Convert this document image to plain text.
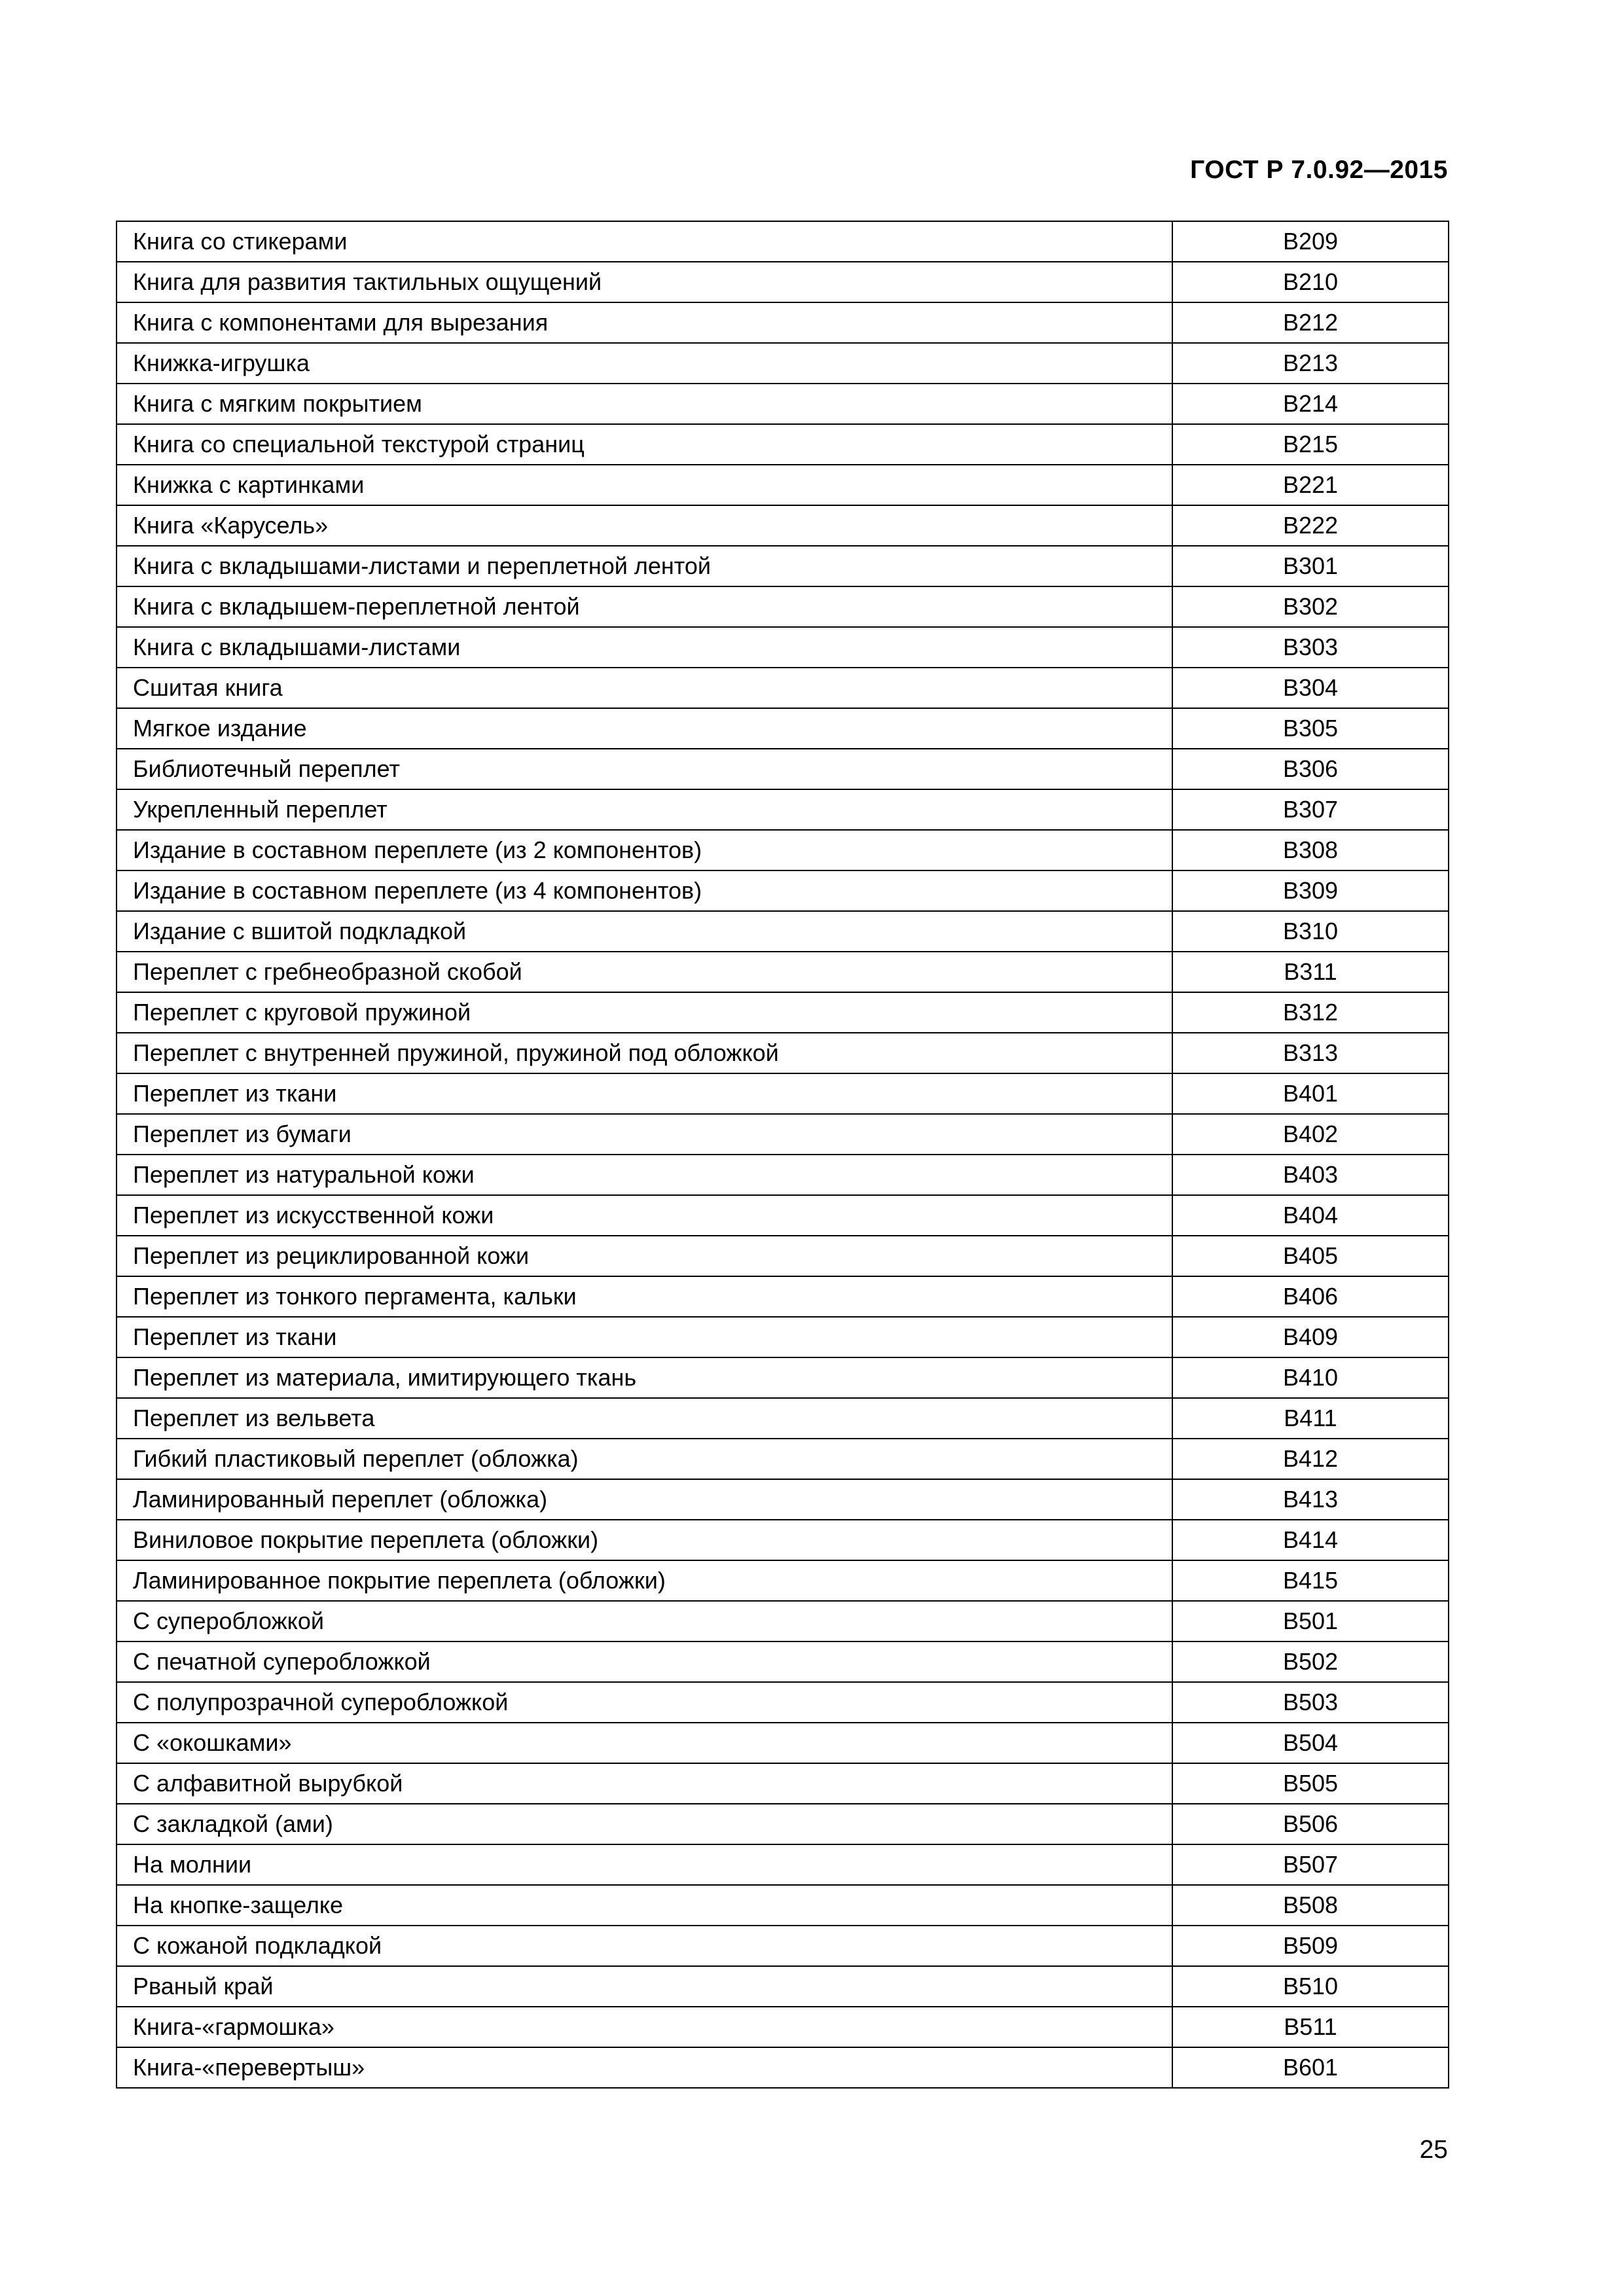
ГОСТ Р 7.0.92—2015
Книга со стикерами	B209
Книга для развития тактильных ощущений	B210
Книга с компонентами для вырезания	B212
Книжка-игрушка	B213
Книга с мягким покрытием	B214
Книга со специальной текстурой страниц	B215
Книжка с картинками	B221
Книга «Карусель»	B222
Книга с вкладышами-листами и переплетной лентой	B301
Книга с вкладышем-переплетной лентой	B302
Книга с вкладышами-листами	B303
Сшитая книга	B304
Мягкое издание	B305
Библиотечный переплет	B306
Укрепленный переплет	B307
Издание в составном переплете (из 2 компонентов)	B308
Издание в составном переплете (из 4 компонентов)	B309
Издание с вшитой подкладкой	B310
Переплет с гребнеобразной скобой	B311
Переплет с круговой пружиной	B312
Переплет с внутренней пружиной, пружиной под обложкой	B313
Переплет из ткани	B401
Переплет из бумаги	B402
Переплет из натуральной кожи	B403
Переплет из искусственной кожи	B404
Переплет из рециклированной кожи	B405
Переплет из тонкого пергамента, кальки	B406
Переплет из ткани	B409
Переплет из материала, имитирующего ткань	B410
Переплет из вельвета	B411
Гибкий пластиковый переплет (обложка)	B412
Ламинированный переплет (обложка)	B413
Виниловое покрытие переплета (обложки)	B414
Ламинированное покрытие переплета (обложки)	B415
С суперобложкой	B501
С печатной суперобложкой	B502
С полупрозрачной суперобложкой	B503
С «окошками»	B504
С алфавитной вырубкой	B505
С закладкой (ами)	B506
На молнии	B507
На кнопке-защелке	B508
С кожаной подкладкой	B509
Рваный край	B510
Книга-«гармошка»	B511
Книга-«перевертыш»	B601
25
